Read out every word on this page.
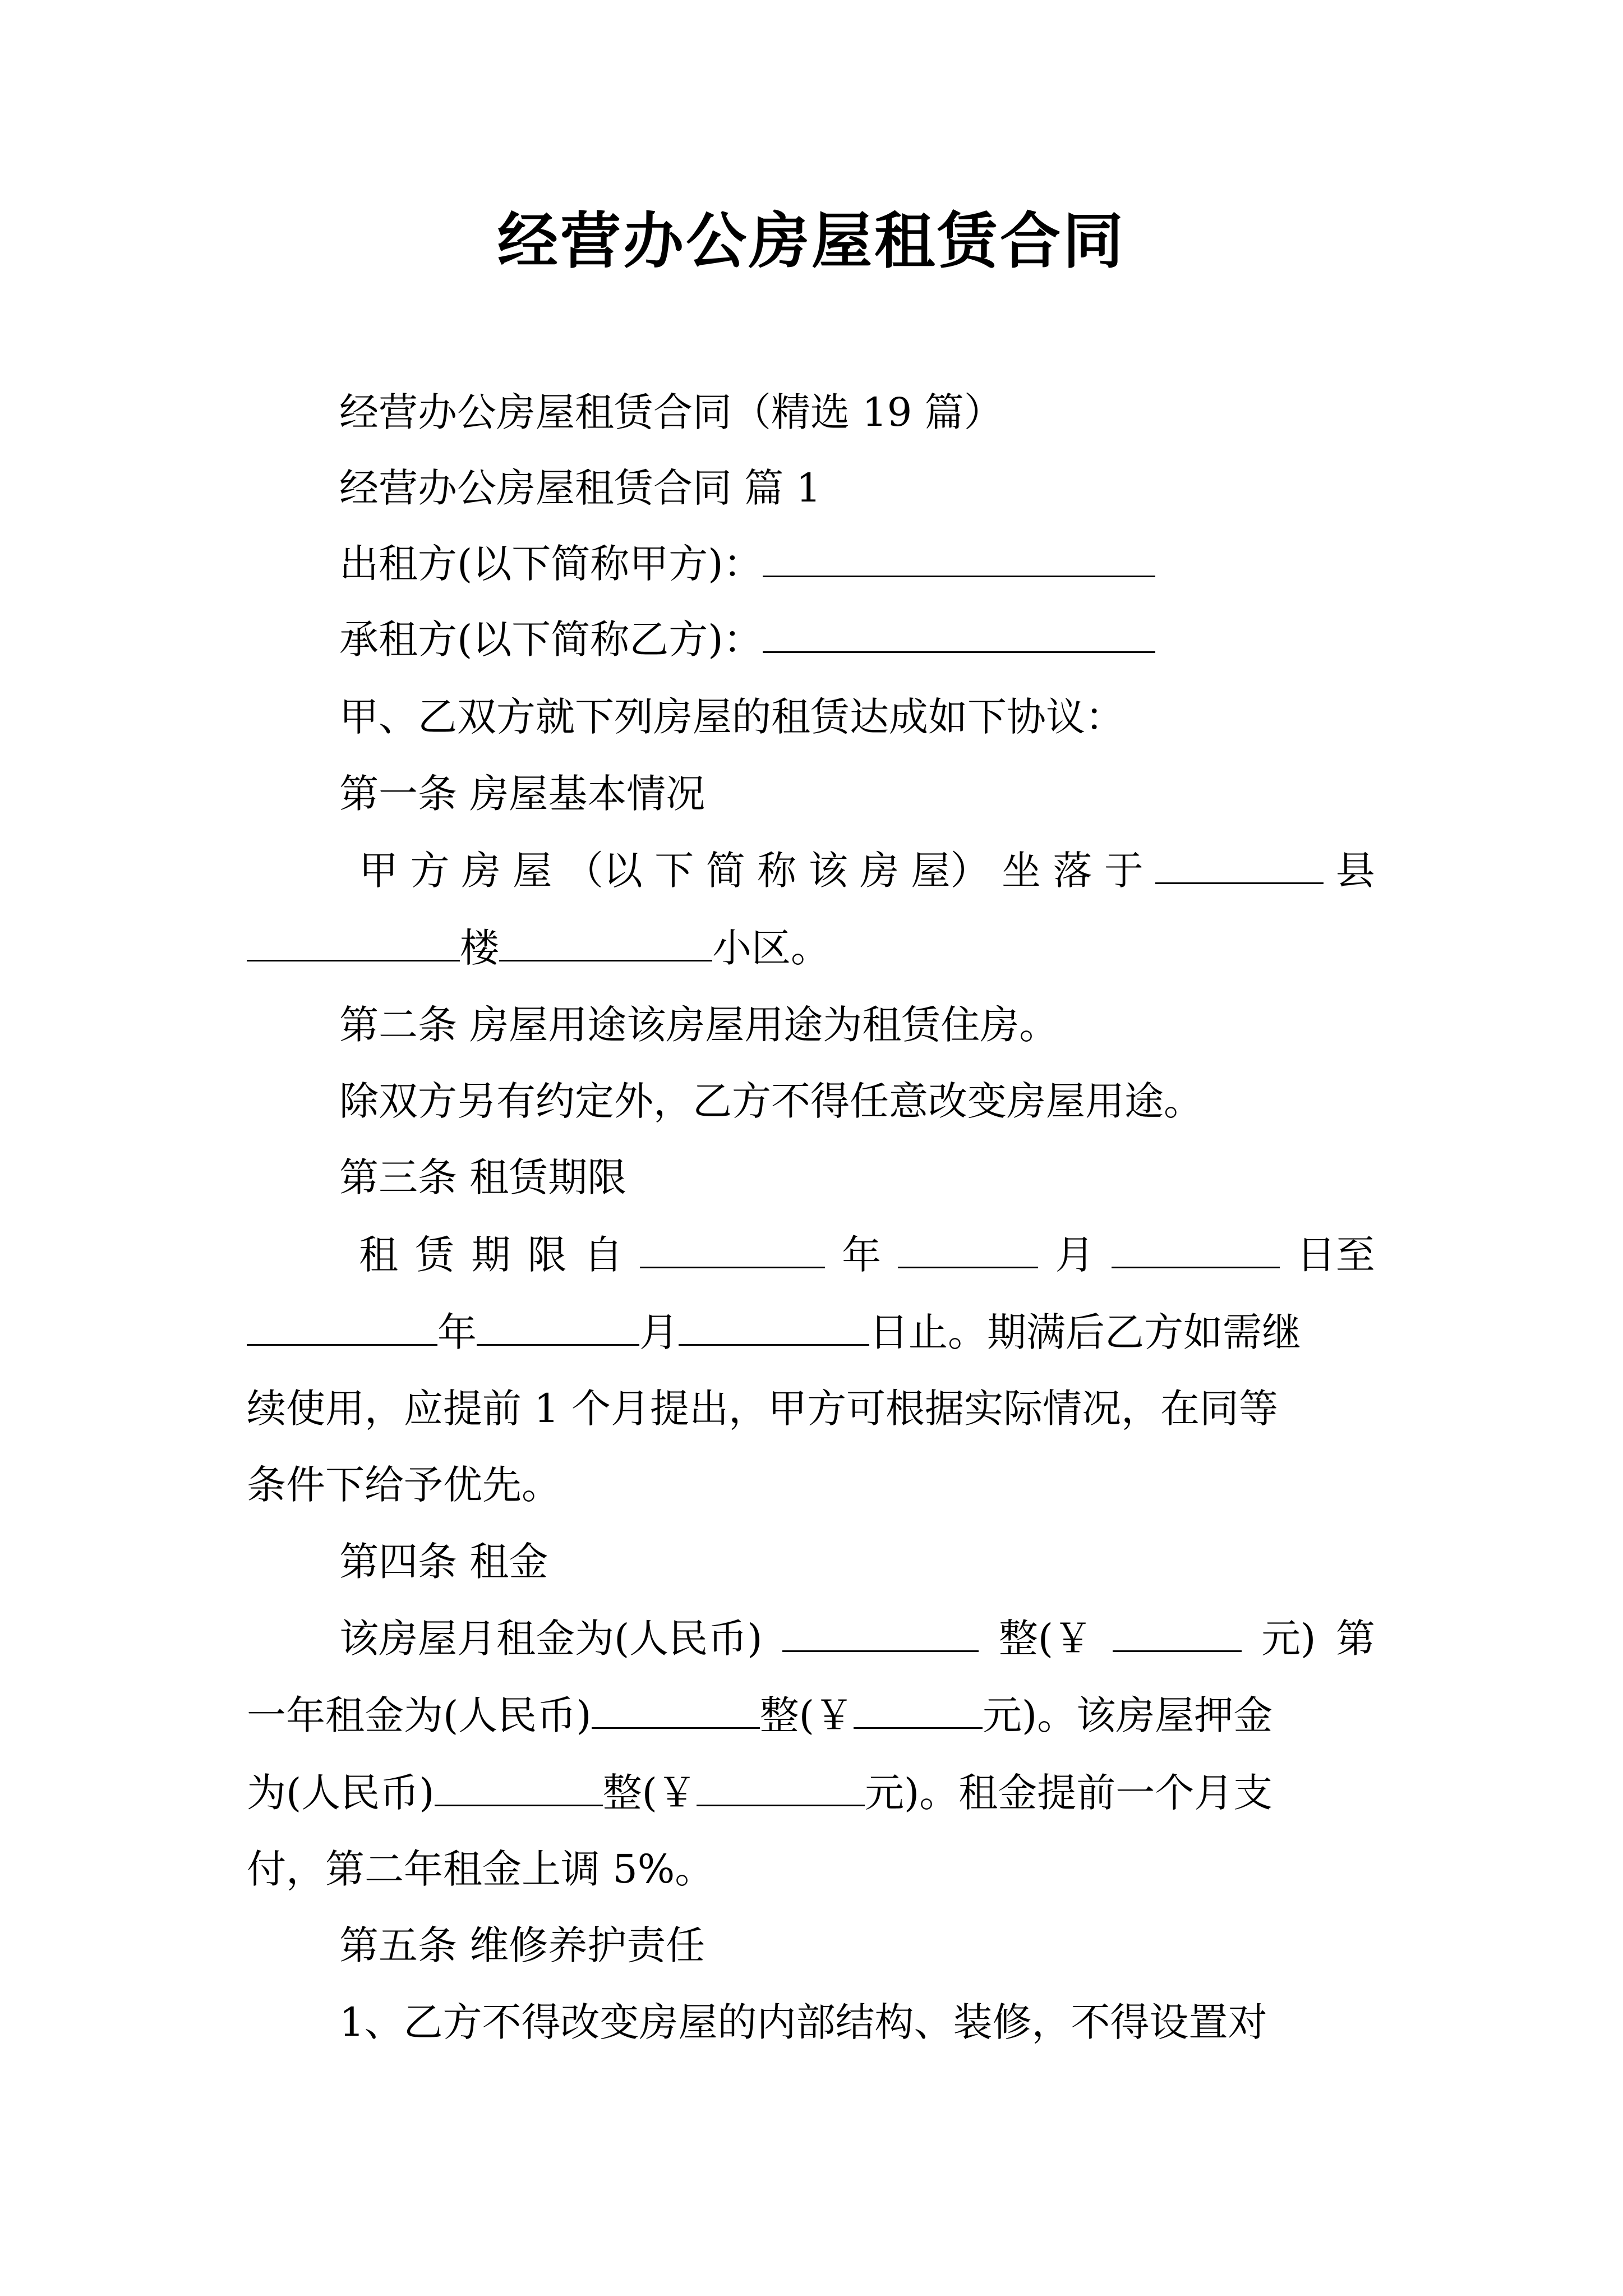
经营办公房屋租赁合同
经营办公房屋租赁合同（精选 19 篇）
经营办公房屋租赁合同 篇 1
出租方(以下简称甲方)：
承租方(以下简称乙方)：
甲、乙双方就下列房屋的租赁达成如下协议：
第一条 房屋基本情况
甲 方 房 屋 （以 下 简 称 该 房 屋） 坐 落 于	县
楼	小区。
第二条 房屋用途该房屋用途为租赁住房。
除双方另有约定外，乙方不得任意改变房屋用途。
第三条 租赁期限
租 赁 期 限 自	年	月	日至
年	月	日止。期满后乙方如需继
续使用，应提前 1 个月提出，甲方可根据实际情况，在同等
条件下给予优先。
第四条 租金
该房屋月租金为(人民币)	整(￥	元) 第
一年租金为(人民币)	整(￥	元)。该房屋押金
为(人民币)	整(￥	元)。租金提前一个月支
付，第二年租金上调 5%。
第五条 维修养护责任
1、乙方不得改变房屋的内部结构、装修，不得设置对
